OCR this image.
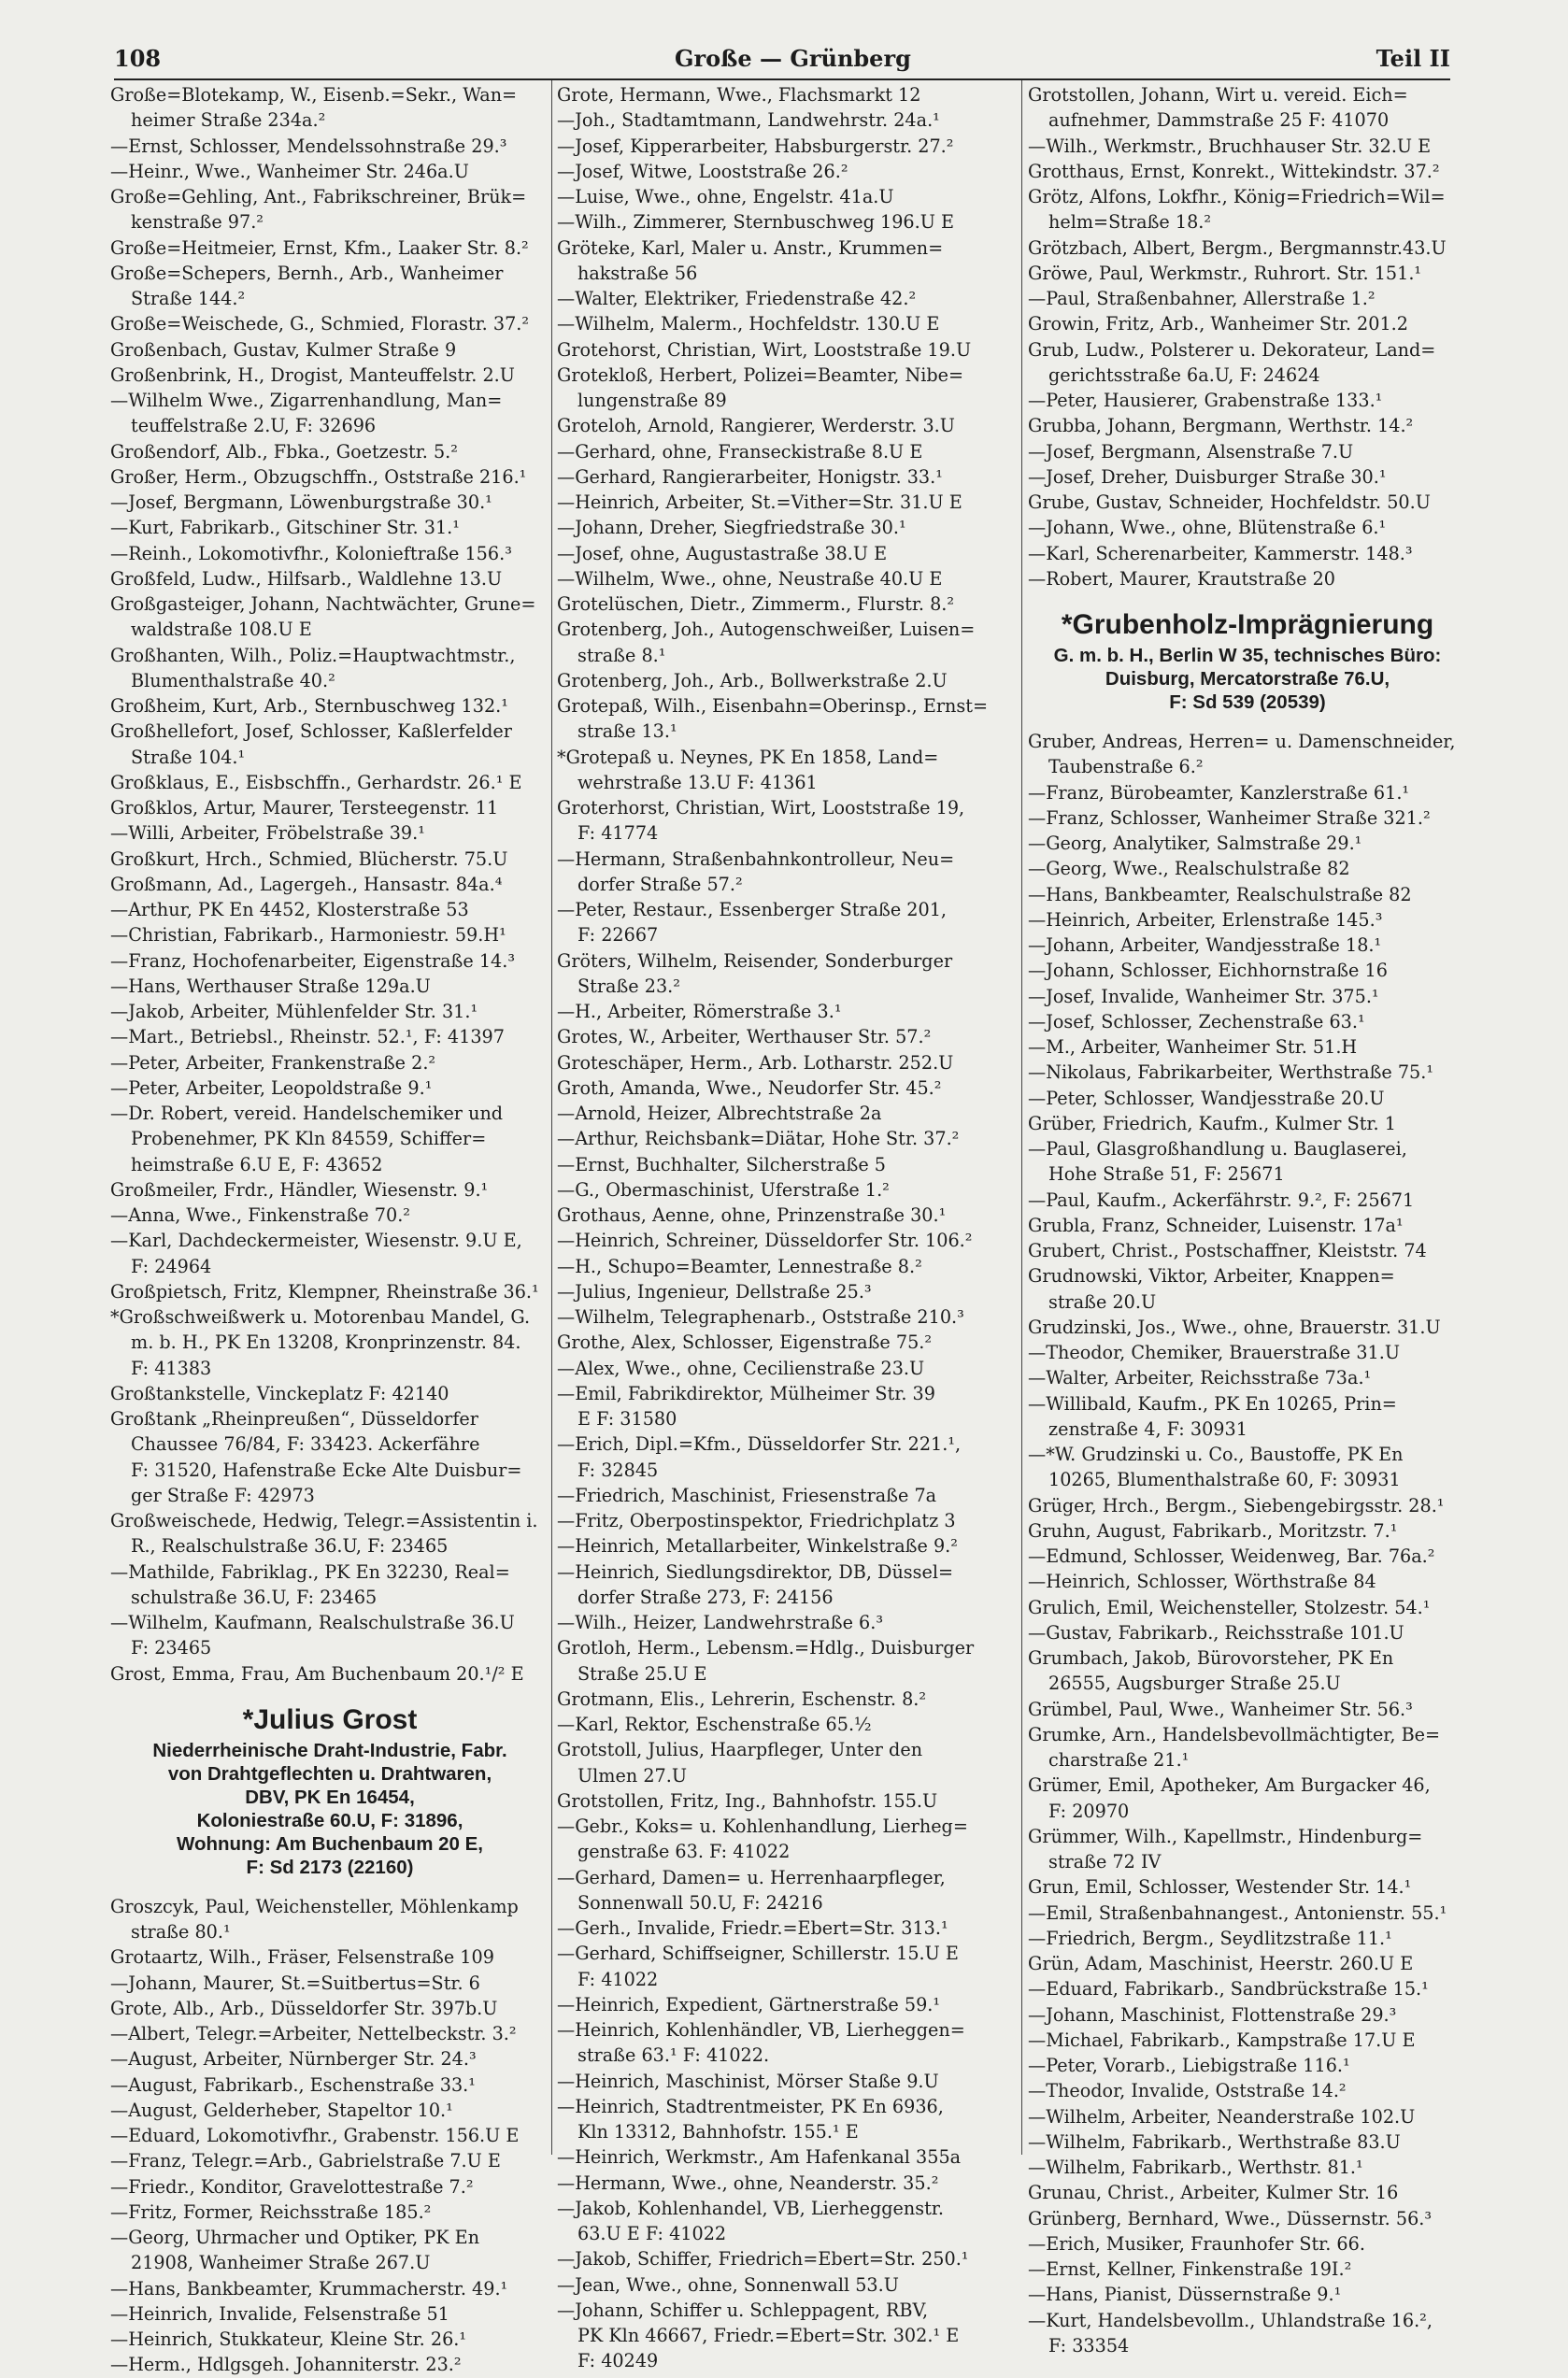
108	Große — Grünberg	Teil II
Große=Blotekamp, W., Eisenb.=Sekr., Wan=
heimer Straße 234a.²
—Ernst, Schlosser, Mendelssohnstraße 29.³
—Heinr., Wwe., Wanheimer Str. 246a.U
Große=Gehling, Ant., Fabrikschreiner, Brük=
kenstraße 97.²
Große=Heitmeier, Ernst, Kfm., Laaker Str. 8.²
Große=Schepers, Bernh., Arb., Wanheimer
Straße 144.²
Große=Weischede, G., Schmied, Florastr. 37.²
Großenbach, Gustav, Kulmer Straße 9
Großenbrink, H., Drogist, Manteuffelstr. 2.U
—Wilhelm Wwe., Zigarrenhandlung, Man=
teuffelstraße 2.U, F: 32696
Großendorf, Alb., Fbka., Goetzestr. 5.²
Großer, Herm., Obzugschffn., Oststraße 216.¹
—Josef, Bergmann, Löwenburgstraße 30.¹
—Kurt, Fabrikarb., Gitschiner Str. 31.¹
—Reinh., Lokomotivfhr., Kolonieftraße 156.³
Großfeld, Ludw., Hilfsarb., Waldlehne 13.U
Großgasteiger, Johann, Nachtwächter, Grune=
waldstraße 108.U E
Großhanten, Wilh., Poliz.=Hauptwachtmstr.,
Blumenthalstraße 40.²
Großheim, Kurt, Arb., Sternbuschweg 132.¹
Großhellefort, Josef, Schlosser, Kaßlerfelder
Straße 104.¹
Großklaus, E., Eisbschffn., Gerhardstr. 26.¹ E
Großklos, Artur, Maurer, Tersteegenstr. 11
—Willi, Arbeiter, Fröbelstraße 39.¹
Großkurt, Hrch., Schmied, Blücherstr. 75.U
Großmann, Ad., Lagergeh., Hansastr. 84a.⁴
—Arthur, PK En 4452, Klosterstraße 53
—Christian, Fabrikarb., Harmoniestr. 59.H¹
—Franz, Hochofenarbeiter, Eigenstraße 14.³
—Hans, Werthauser Straße 129a.U
—Jakob, Arbeiter, Mühlenfelder Str. 31.¹
—Mart., Betriebsl., Rheinstr. 52.¹, F: 41397
—Peter, Arbeiter, Frankenstraße 2.²
—Peter, Arbeiter, Leopoldstraße 9.¹
—Dr. Robert, vereid. Handelschemiker und
Probenehmer, PK Kln 84559, Schiffer=
heimstraße 6.U E, F: 43652
Großmeiler, Frdr., Händler, Wiesenstr. 9.¹
—Anna, Wwe., Finkenstraße 70.²
—Karl, Dachdeckermeister, Wiesenstr. 9.U E,
F: 24964
Großpietsch, Fritz, Klempner, Rheinstraße 36.¹
*Großschweißwerk u. Motorenbau Mandel, G.
m. b. H., PK En 13208, Kronprinzenstr. 84.
F: 41383
Großtankstelle, Vinckeplatz F: 42140
Großtank „Rheinpreußen“, Düsseldorfer
Chaussee 76/84, F: 33423. Ackerfähre
F: 31520, Hafenstraße Ecke Alte Duisbur=
ger Straße F: 42973
Großweischede, Hedwig, Telegr.=Assistentin i.
R., Realschulstraße 36.U, F: 23465
—Mathilde, Fabriklag., PK En 32230, Real=
schulstraße 36.U, F: 23465
—Wilhelm, Kaufmann, Realschulstraße 36.U
F: 23465
Grost, Emma, Frau, Am Buchenbaum 20.¹/² E
*Julius Grost
Niederrheinische Draht-Industrie, Fabr.
von Drahtgeflechten u. Drahtwaren,
DBV, PK En 16454,
Koloniestraße 60.U, F: 31896,
Wohnung: Am Buchenbaum 20 E,
F: Sd 2173 (22160)
Groszcyk, Paul, Weichensteller, Möhlenkamp
straße 80.¹
Grotaartz, Wilh., Fräser, Felsenstraße 109
—Johann, Maurer, St.=Suitbertus=Str. 6
Grote, Alb., Arb., Düsseldorfer Str. 397b.U
—Albert, Telegr.=Arbeiter, Nettelbeckstr. 3.²
—August, Arbeiter, Nürnberger Str. 24.³
—August, Fabrikarb., Eschenstraße 33.¹
—August, Gelderheber, Stapeltor 10.¹
—Eduard, Lokomotivfhr., Grabenstr. 156.U E
—Franz, Telegr.=Arb., Gabrielstraße 7.U E
—Friedr., Konditor, Gravelottestraße 7.²
—Fritz, Former, Reichsstraße 185.²
—Georg, Uhrmacher und Optiker, PK En
21908, Wanheimer Straße 267.U
—Hans, Bankbeamter, Krummacherstr. 49.¹
—Heinrich, Invalide, Felsenstraße 51
—Heinrich, Stukkateur, Kleine Str. 26.¹
—Herm., Hdlgsgeh. Johanniterstr. 23.²
Grote, Hermann, Wwe., Flachsmarkt 12
—Joh., Stadtamtmann, Landwehrstr. 24a.¹
—Josef, Kipperarbeiter, Habsburgerstr. 27.²
—Josef, Witwe, Looststraße 26.²
—Luise, Wwe., ohne, Engelstr. 41a.U
—Wilh., Zimmerer, Sternbuschweg 196.U E
Gröteke, Karl, Maler u. Anstr., Krummen=
hakstraße 56
—Walter, Elektriker, Friedenstraße 42.²
—Wilhelm, Malerm., Hochfeldstr. 130.U E
Grotehorst, Christian, Wirt, Looststraße 19.U
Grotekloß, Herbert, Polizei=Beamter, Nibe=
lungenstraße 89
Groteloh, Arnold, Rangierer, Werderstr. 3.U
—Gerhard, ohne, Franseckistraße 8.U E
—Gerhard, Rangierarbeiter, Honigstr. 33.¹
—Heinrich, Arbeiter, St.=Vither=Str. 31.U E
—Johann, Dreher, Siegfriedstraße 30.¹
—Josef, ohne, Augustastraße 38.U E
—Wilhelm, Wwe., ohne, Neustraße 40.U E
Grotelüschen, Dietr., Zimmerm., Flurstr. 8.²
Grotenberg, Joh., Autogenschweißer, Luisen=
straße 8.¹
Grotenberg, Joh., Arb., Bollwerkstraße 2.U
Grotepaß, Wilh., Eisenbahn=Oberinsp., Ernst=
straße 13.¹
*Grotepaß u. Neynes, PK En 1858, Land=
wehrstraße 13.U F: 41361
Groterhorst, Christian, Wirt, Looststraße 19,
F: 41774
—Hermann, Straßenbahnkontrolleur, Neu=
dorfer Straße 57.²
—Peter, Restaur., Essenberger Straße 201,
F: 22667
Gröters, Wilhelm, Reisender, Sonderburger
Straße 23.²
—H., Arbeiter, Römerstraße 3.¹
Grotes, W., Arbeiter, Werthauser Str. 57.²
Groteschäper, Herm., Arb. Lotharstr. 252.U
Groth, Amanda, Wwe., Neudorfer Str. 45.²
—Arnold, Heizer, Albrechtstraße 2a
—Arthur, Reichsbank=Diätar, Hohe Str. 37.²
—Ernst, Buchhalter, Silcherstraße 5
—G., Obermaschinist, Uferstraße 1.²
Grothaus, Aenne, ohne, Prinzenstraße 30.¹
—Heinrich, Schreiner, Düsseldorfer Str. 106.²
—H., Schupo=Beamter, Lennestraße 8.²
—Julius, Ingenieur, Dellstraße 25.³
—Wilhelm, Telegraphenarb., Oststraße 210.³
Grothe, Alex, Schlosser, Eigenstraße 75.²
—Alex, Wwe., ohne, Cecilienstraße 23.U
—Emil, Fabrikdirektor, Mülheimer Str. 39
E F: 31580
—Erich, Dipl.=Kfm., Düsseldorfer Str. 221.¹,
F: 32845
—Friedrich, Maschinist, Friesenstraße 7a
—Fritz, Oberpostinspektor, Friedrichplatz 3
—Heinrich, Metallarbeiter, Winkelstraße 9.²
—Heinrich, Siedlungsdirektor, DB, Düssel=
dorfer Straße 273, F: 24156
—Wilh., Heizer, Landwehrstraße 6.³
Grotloh, Herm., Lebensm.=Hdlg., Duisburger
Straße 25.U E
Grotmann, Elis., Lehrerin, Eschenstr. 8.²
—Karl, Rektor, Eschenstraße 65.½
Grotstoll, Julius, Haarpfleger, Unter den
Ulmen 27.U
Grotstollen, Fritz, Ing., Bahnhofstr. 155.U
—Gebr., Koks= u. Kohlenhandlung, Lierheg=
genstraße 63. F: 41022
—Gerhard, Damen= u. Herrenhaarpfleger,
Sonnenwall 50.U, F: 24216
—Gerh., Invalide, Friedr.=Ebert=Str. 313.¹
—Gerhard, Schiffseigner, Schillerstr. 15.U E
F: 41022
—Heinrich, Expedient, Gärtnerstraße 59.¹
—Heinrich, Kohlenhändler, VB, Lierheggen=
straße 63.¹ F: 41022.
—Heinrich, Maschinist, Mörser Staße 9.U
—Heinrich, Stadtrentmeister, PK En 6936,
Kln 13312, Bahnhofstr. 155.¹ E
—Heinrich, Werkmstr., Am Hafenkanal 355a
—Hermann, Wwe., ohne, Neanderstr. 35.²
—Jakob, Kohlenhandel, VB, Lierheggenstr.
63.U E F: 41022
—Jakob, Schiffer, Friedrich=Ebert=Str. 250.¹
—Jean, Wwe., ohne, Sonnenwall 53.U
—Johann, Schiffer u. Schleppagent, RBV,
PK Kln 46667, Friedr.=Ebert=Str. 302.¹ E
F: 40249
Grotstollen, Johann, Wirt u. vereid. Eich=
aufnehmer, Dammstraße 25 F: 41070
—Wilh., Werkmstr., Bruchhauser Str. 32.U E
Grotthaus, Ernst, Konrekt., Wittekindstr. 37.²
Grötz, Alfons, Lokfhr., König=Friedrich=Wil=
helm=Straße 18.²
Grötzbach, Albert, Bergm., Bergmannstr.43.U
Gröwe, Paul, Werkmstr., Ruhrort. Str. 151.¹
—Paul, Straßenbahner, Allerstraße 1.²
Growin, Fritz, Arb., Wanheimer Str. 201.2
Grub, Ludw., Polsterer u. Dekorateur, Land=
gerichtsstraße 6a.U, F: 24624
—Peter, Hausierer, Grabenstraße 133.¹
Grubba, Johann, Bergmann, Werthstr. 14.²
—Josef, Bergmann, Alsenstraße 7.U
—Josef, Dreher, Duisburger Straße 30.¹
Grube, Gustav, Schneider, Hochfeldstr. 50.U
—Johann, Wwe., ohne, Blütenstraße 6.¹
—Karl, Scherenarbeiter, Kammerstr. 148.³
—Robert, Maurer, Krautstraße 20
*Grubenholz-Imprägnierung
G. m. b. H., Berlin W 35, technisches Büro:
Duisburg, Mercatorstraße 76.U,
F: Sd 539 (20539)
Gruber, Andreas, Herren= u. Damenschneider,
Taubenstraße 6.²
—Franz, Bürobeamter, Kanzlerstraße 61.¹
—Franz, Schlosser, Wanheimer Straße 321.²
—Georg, Analytiker, Salmstraße 29.¹
—Georg, Wwe., Realschulstraße 82
—Hans, Bankbeamter, Realschulstraße 82
—Heinrich, Arbeiter, Erlenstraße 145.³
—Johann, Arbeiter, Wandjesstraße 18.¹
—Johann, Schlosser, Eichhornstraße 16
—Josef, Invalide, Wanheimer Str. 375.¹
—Josef, Schlosser, Zechenstraße 63.¹
—M., Arbeiter, Wanheimer Str. 51.H
—Nikolaus, Fabrikarbeiter, Werthstraße 75.¹
—Peter, Schlosser, Wandjesstraße 20.U
Grüber, Friedrich, Kaufm., Kulmer Str. 1
—Paul, Glasgroßhandlung u. Bauglaserei,
Hohe Straße 51, F: 25671
—Paul, Kaufm., Ackerfährstr. 9.², F: 25671
Grubla, Franz, Schneider, Luisenstr. 17a¹
Grubert, Christ., Postschaffner, Kleiststr. 74
Grudnowski, Viktor, Arbeiter, Knappen=
straße 20.U
Grudzinski, Jos., Wwe., ohne, Brauerstr. 31.U
—Theodor, Chemiker, Brauerstraße 31.U
—Walter, Arbeiter, Reichsstraße 73a.¹
—Willibald, Kaufm., PK En 10265, Prin=
zenstraße 4, F: 30931
—*W. Grudzinski u. Co., Baustoffe, PK En
10265, Blumenthalstraße 60, F: 30931
Grüger, Hrch., Bergm., Siebengebirgsstr. 28.¹
Gruhn, August, Fabrikarb., Moritzstr. 7.¹
—Edmund, Schlosser, Weidenweg, Bar. 76a.²
—Heinrich, Schlosser, Wörthstraße 84
Grulich, Emil, Weichensteller, Stolzestr. 54.¹
—Gustav, Fabrikarb., Reichsstraße 101.U
Grumbach, Jakob, Bürovorsteher, PK En
26555, Augsburger Straße 25.U
Grümbel, Paul, Wwe., Wanheimer Str. 56.³
Grumke, Arn., Handelsbevollmächtigter, Be=
charstraße 21.¹
Grümer, Emil, Apotheker, Am Burgacker 46,
F: 20970
Grümmer, Wilh., Kapellmstr., Hindenburg=
straße 72 IV
Grun, Emil, Schlosser, Westender Str. 14.¹
—Emil, Straßenbahnangest., Antonienstr. 55.¹
—Friedrich, Bergm., Seydlitzstraße 11.¹
Grün, Adam, Maschinist, Heerstr. 260.U E
—Eduard, Fabrikarb., Sandbrückstraße 15.¹
—Johann, Maschinist, Flottenstraße 29.³
—Michael, Fabrikarb., Kampstraße 17.U E
—Peter, Vorarb., Liebigstraße 116.¹
—Theodor, Invalide, Oststraße 14.²
—Wilhelm, Arbeiter, Neanderstraße 102.U
—Wilhelm, Fabrikarb., Werthstraße 83.U
—Wilhelm, Fabrikarb., Werthstr. 81.¹
Grunau, Christ., Arbeiter, Kulmer Str. 16
Grünberg, Bernhard, Wwe., Düssernstr. 56.³
—Erich, Musiker, Fraunhofer Str. 66.
—Ernst, Kellner, Finkenstraße 19I.²
—Hans, Pianist, Düssernstraße 9.¹
—Kurt, Handelsbevollm., Uhlandstraße 16.²,
F: 33354
